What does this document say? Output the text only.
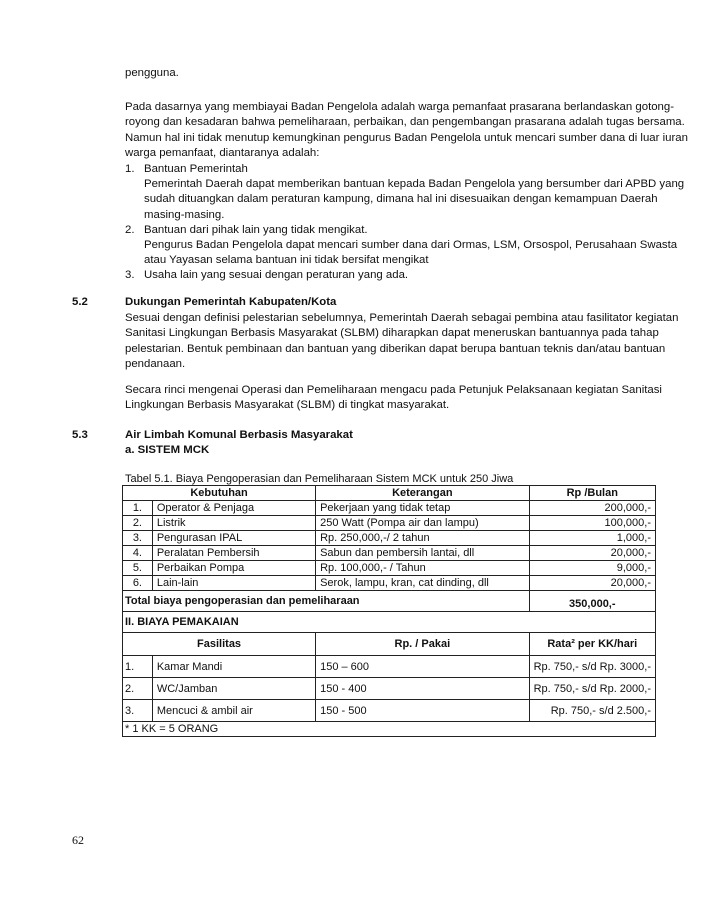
pengguna.
Pada dasarnya yang membiayai Badan Pengelola adalah warga pemanfaat prasarana berlandaskan gotong-
royong dan kesadaran bahwa pemeliharaan, perbaikan, dan pengembangan prasarana adalah tugas bersama.
Namun hal ini tidak menutup kemungkinan pengurus Badan Pengelola untuk mencari sumber dana di luar iuran
warga pemanfaat, diantaranya adalah:
1. Bantuan Pemerintah
Pemerintah Daerah dapat memberikan bantuan kepada Badan Pengelola yang bersumber dari APBD yang
sudah dituangkan dalam peraturan kampung, dimana hal ini disesuaikan dengan kemampuan Daerah
masing-masing.
2. Bantuan dari pihak lain yang tidak mengikat.
Pengurus Badan Pengelola dapat mencari sumber dana dari Ormas, LSM, Orsospol, Perusahaan Swasta
atau Yayasan selama bantuan ini tidak bersifat mengikat
3. Usaha lain yang sesuai dengan peraturan yang ada.
5.2	Dukungan Pemerintah Kabupaten/Kota
Sesuai dengan definisi pelestarian sebelumnya, Pemerintah Daerah sebagai pembina atau fasilitator kegiatan
Sanitasi Lingkungan Berbasis Masyarakat (SLBM) diharapkan dapat meneruskan bantuannya pada tahap
pelestarian. Bentuk pembinaan dan bantuan yang diberikan dapat berupa bantuan teknis dan/atau bantuan
pendanaan.
Secara rinci mengenai Operasi dan Pemeliharaan mengacu pada Petunjuk Pelaksanaan kegiatan Sanitasi
Lingkungan Berbasis Masyarakat (SLBM) di tingkat masyarakat.
5.3	Air Limbah Komunal Berbasis Masyarakat
a. SISTEM MCK
Tabel 5.1. Biaya Pengoperasian dan Pemeliharaan Sistem MCK untuk 250 Jiwa
Kebutuhan		Keterangan	Rp /Bulan
1.	Operator & Penjaga	Pekerjaan yang tidak tetap	200,000,-
2.	Listrik	250 Watt (Pompa air dan lampu)	100,000,-
3.	Pengurasan IPAL	Rp. 250,000,-/ 2 tahun	1,000,-
4.	Peralatan Pembersih	Sabun dan pembersih lantai, dll	20,000,-
5.	Perbaikan Pompa	Rp. 100,000,- / Tahun	9,000,-
6.	Lain-lain	Serok, lampu, kran, cat dinding, dll	20,000,-
Total biaya pengoperasian dan pemeliharaan			350,000,-
II. BIAYA PEMAKAIAN			
Fasilitas		Rp. / Pakai	Rata² per KK/hari
1.	Kamar Mandi	150 – 600	Rp. 750,- s/d Rp. 3000,-
2.	WC/Jamban	150 - 400	Rp. 750,- s/d Rp. 2000,-
3.	Mencuci & ambil air	150 - 500	Rp. 750,- s/d 2.500,-
* 1 KK = 5 ORANG			
62
